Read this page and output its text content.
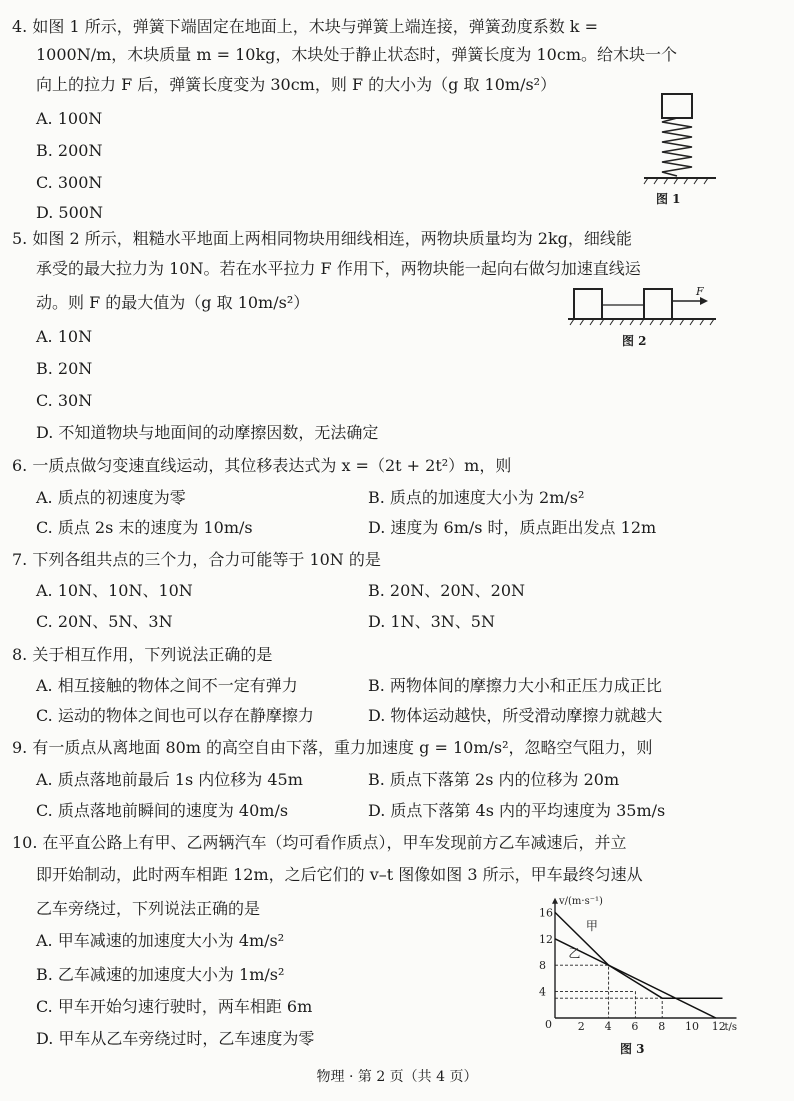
4. 如图 1 所示，弹簧下端固定在地面上，木块与弹簧上端连接，弹簧劲度系数 k =
1000N/m，木块质量 m = 10kg，木块处于静止状态时，弹簧长度为 10cm。给木块一个
向上的拉力 F 后，弹簧长度变为 30cm，则 F 的大小为（g 取 10m/s²）
A. 100N
B. 200N
C. 300N
D. 500N
图 1
5. 如图 2 所示，粗糙水平地面上两相同物块用细线相连，两物块质量均为 2kg，细线能
承受的最大拉力为 10N。若在水平拉力 F 作用下，两物块能一起向右做匀加速直线运
动。则 F 的最大值为（g 取 10m/s²）
A. 10N
B. 20N
C. 30N
D. 不知道物块与地面间的动摩擦因数，无法确定
F
图 2
6. 一质点做匀变速直线运动，其位移表达式为 x =（2t + 2t²）m，则
A. 质点的初速度为零	B. 质点的加速度大小为 2m/s²
C. 质点 2s 末的速度为 10m/s	D. 速度为 6m/s 时，质点距出发点 12m
7. 下列各组共点的三个力，合力可能等于 10N 的是
A. 10N、10N、10N	B. 20N、20N、20N
C. 20N、5N、3N	D. 1N、3N、5N
8. 关于相互作用，下列说法正确的是
A. 相互接触的物体之间不一定有弹力	B. 两物体间的摩擦力大小和正压力成正比
C. 运动的物体之间也可以存在静摩擦力	D. 物体运动越快，所受滑动摩擦力就越大
9. 有一质点从离地面 80m 的高空自由下落，重力加速度 g = 10m/s²，忽略空气阻力，则
A. 质点落地前最后 1s 内位移为 45m	B. 质点下落第 2s 内的位移为 20m
C. 质点落地前瞬间的速度为 40m/s	D. 质点下落第 4s 内的平均速度为 35m/s
10. 在平直公路上有甲、乙两辆汽车（均可看作质点），甲车发现前方乙车减速后，并立
即开始制动，此时两车相距 12m，之后它们的 v–t 图像如图 3 所示，甲车最终匀速从
乙车旁绕过，下列说法正确的是
A. 甲车减速的加速度大小为 4m/s²
B. 乙车减速的加速度大小为 1m/s²
C. 甲车开始匀速行驶时，两车相距 6m
D. 甲车从乙车旁绕过时，乙车速度为零
v/(m·s⁻¹)
t/s
0 2 4 6 8 10 12
4
8
12
16
甲
乙
图 3
物理 · 第 2 页（共 4 页）
